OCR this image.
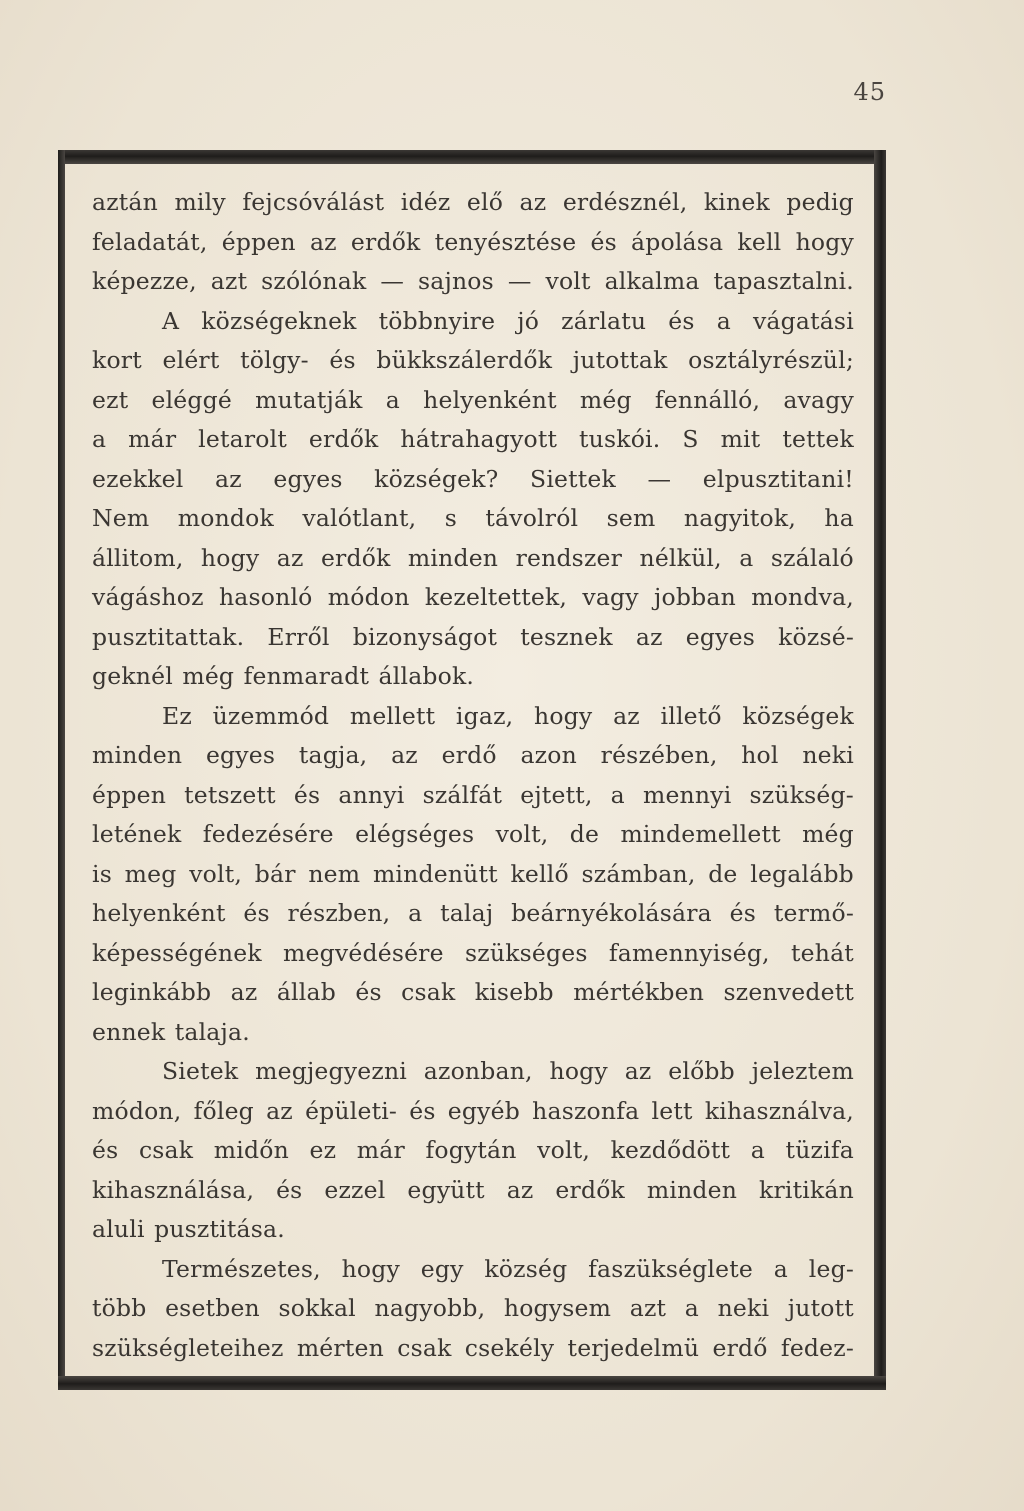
45
aztán mily fejcsóválást idéz elő az erdésznél, kinek pedig
feladatát, éppen az erdők tenyésztése és ápolása kell hogy
képezze, azt szólónak — sajnos — volt alkalma tapasztalni.
A községeknek többnyire jó zárlatu és a vágatási
kort elért tölgy- és bükkszálerdők jutottak osztályrészül;
ezt eléggé mutatják a helyenként még fennálló, avagy
a már letarolt erdők hátrahagyott tuskói. S mit tettek
ezekkel az egyes községek? Siettek — elpusztitani!
Nem mondok valótlant, s távolról sem nagyitok, ha
állitom, hogy az erdők minden rendszer nélkül, a szálaló
vágáshoz hasonló módon kezeltettek, vagy jobban mondva,
pusztitattak. Erről bizonyságot tesznek az egyes közsé-
geknél még fenmaradt állabok.
Ez üzemmód mellett igaz, hogy az illető községek
minden egyes tagja, az erdő azon részében, hol neki
éppen tetszett és annyi szálfát ejtett, a mennyi szükség-
letének fedezésére elégséges volt, de mindemellett még
is meg volt, bár nem mindenütt kellő számban, de legalább
helyenként és részben, a talaj beárnyékolására és termő-
képességének megvédésére szükséges famennyiség, tehát
leginkább az állab és csak kisebb mértékben szenvedett
ennek talaja.
Sietek megjegyezni azonban, hogy az előbb jeleztem
módon, főleg az épületi- és egyéb haszonfa lett kihasználva,
és csak midőn ez már fogytán volt, kezdődött a tüzifa
kihasználása, és ezzel együtt az erdők minden kritikán
aluli pusztitása.
Természetes, hogy egy község faszükséglete a leg-
több esetben sokkal nagyobb, hogysem azt a neki jutott
szükségleteihez mérten csak csekély terjedelmü erdő fedez-
